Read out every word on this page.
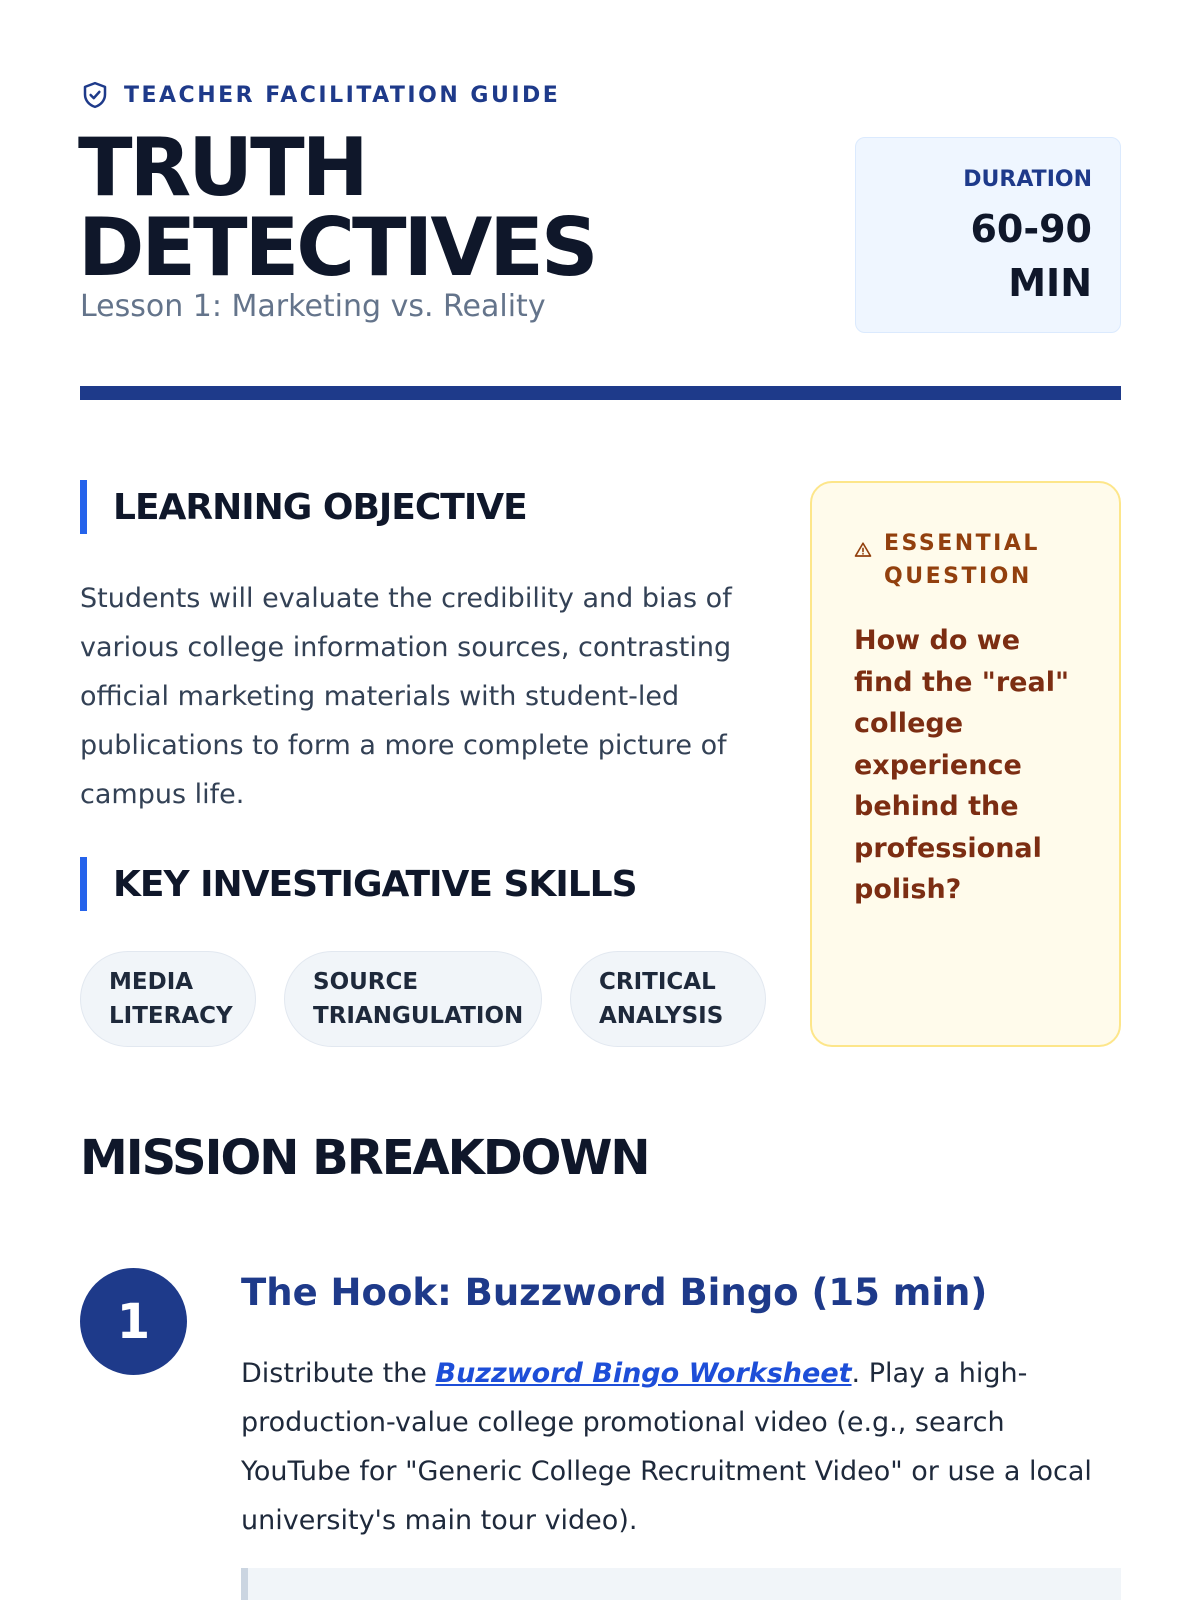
TEACHER FACILITATION GUIDE
TRUTH
DETECTIVES
Lesson 1: Marketing vs. Reality
DURATION
60-90 MIN
LEARNING OBJECTIVE

Students will evaluate the credibility and bias of various college information sources, contrasting official marketing materials with student-led publications to form a more complete picture of campus life.

KEY INVESTIGATIVE SKILLS
MEDIA LITERACY
SOURCE TRIANGULATION
CRITICAL ANALYSIS
ESSENTIAL QUESTION

How do we find the "real" college experience behind the professional polish?

MISSION BREAKDOWN
1
The Hook: Buzzword Bingo (15 min)

Distribute the Buzzword Bingo Worksheet. Play a high-production-value college promotional video (e.g., search YouTube for "Generic College Recruitment Video" or use a local university's main tour video).
